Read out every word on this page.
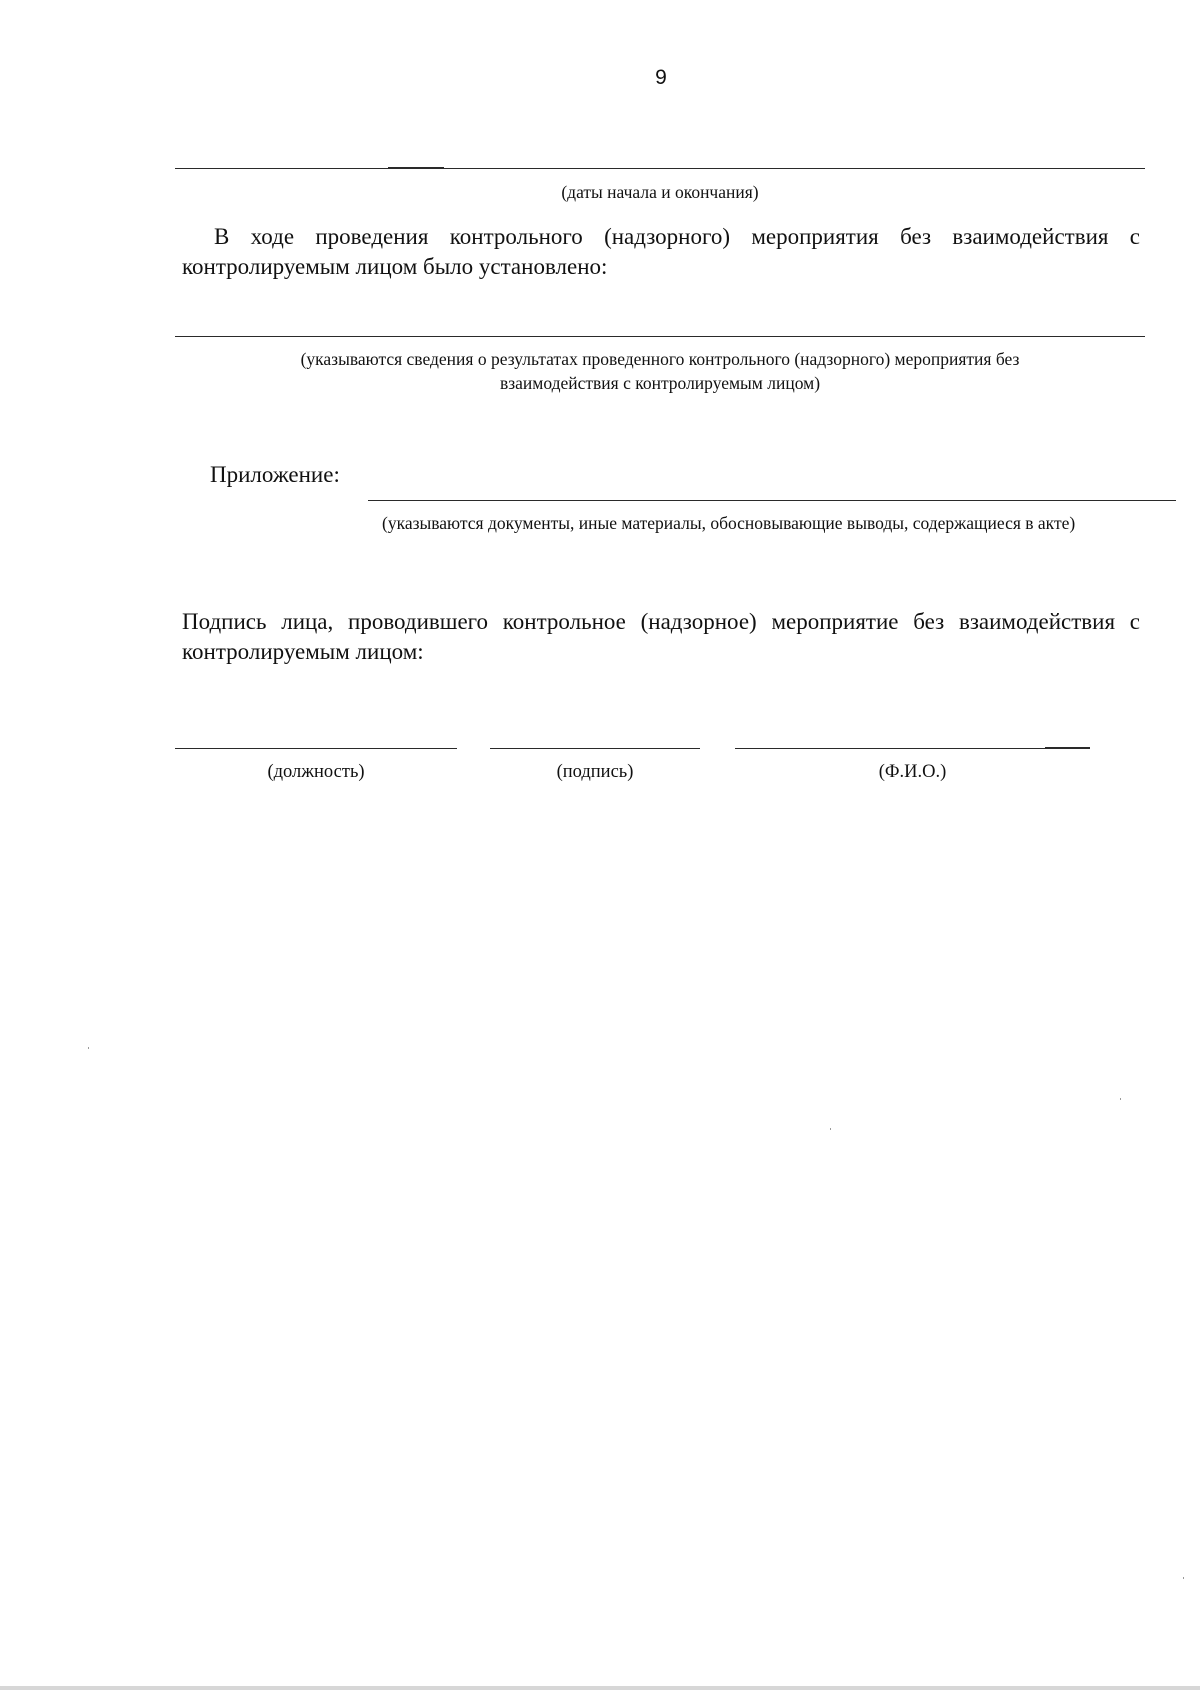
9
(даты начала и окончания)
В ходе проведения контрольного (надзорного) мероприятия без взаимодействия с контролируемым лицом было установлено:
(указываются сведения о результатах проведенного контрольного (надзорного) мероприятия без
взаимодействия с контролируемым лицом)
Приложение:
(указываются документы, иные материалы, обосновывающие выводы, содержащиеся в акте)
Подпись лица, проводившего контрольное (надзорное) мероприятие без взаимодействия с контролируемым лицом:
(должность)	(подпись)	(Ф.И.О.)
